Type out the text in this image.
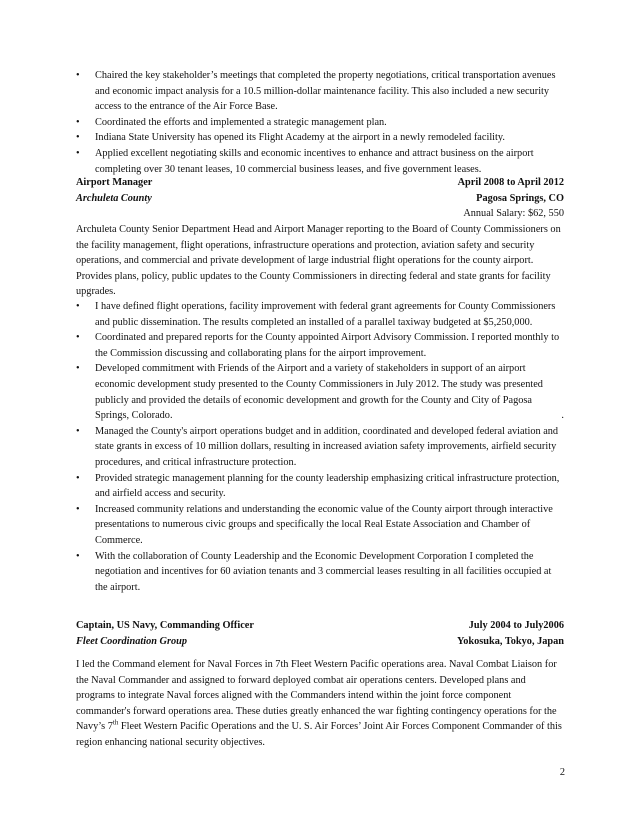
• Chaired the key stakeholder’s meetings that completed the property negotiations, critical transportation avenues and economic impact analysis for a 10.5 million-dollar maintenance facility. This also included a new security access to the entrance of the Air Force Base.
• Coordinated the efforts and implemented a strategic management plan.
• Indiana State University has opened its Flight Academy at the airport in a newly remodeled facility.
• Applied excellent negotiating skills and economic incentives to enhance and attract business on the airport completing over 30 tenant leases, 10 commercial business leases, and five government leases.
Airport Manager	April 2008 to April 2012
Archuleta County	Pagosa Springs, CO
Annual Salary: $62, 550
Archuleta County Senior Department Head and Airport Manager reporting to the Board of County Commissioners on the facility management, flight operations, infrastructure operations and protection, aviation safety and security operations, and commercial and private development of large industrial flight operations for the county airport. Provides plans, policy, public updates to the County Commissioners in directing federal and state grants for facility upgrades.
• I have defined flight operations, facility improvement with federal grant agreements for County Commissioners and public dissemination. The results completed an installed of a parallel taxiway budgeted at $5,250,000.
• Coordinated and prepared reports for the County appointed Airport Advisory Commission. I reported monthly to the Commission discussing and collaborating plans for the airport improvement.
• Developed commitment with Friends of the Airport and a variety of stakeholders in support of an airport economic development study presented to the County Commissioners in July 2012. The study was presented publicly and provided the details of economic development and growth for the County and City of Pagosa Springs, Colorado.	.
• Managed the County's airport operations budget and in addition, coordinated and developed federal aviation and state grants in excess of 10 million dollars, resulting in increased aviation safety improvements, airfield security procedures, and critical infrastructure protection.
• Provided strategic management planning for the county leadership emphasizing critical infrastructure protection, and airfield access and security.
• Increased community relations and understanding the economic value of the County airport through interactive presentations to numerous civic groups and specifically the local Real Estate Association and Chamber of Commerce.
• With the collaboration of County Leadership and the Economic Development Corporation I completed the negotiation and incentives for 60 aviation tenants and 3 commercial leases resulting in all facilities occupied at the airport.
Captain, US Navy, Commanding Officer	July 2004 to July2006
Fleet Coordination Group	Yokosuka, Tokyo, Japan
I led the Command element for Naval Forces in 7th Fleet Western Pacific operations area. Naval Combat Liaison for the Naval Commander and assigned to forward deployed combat air operations centers. Developed plans and programs to integrate Naval forces aligned with the Commanders intend within the joint force component commander's forward operations area. These duties greatly enhanced the war fighting contingency operations for the Navy’s 7th Fleet Western Pacific Operations and the U. S. Air Forces’ Joint Air Forces Component Commander of this region enhancing national security objectives.
2
